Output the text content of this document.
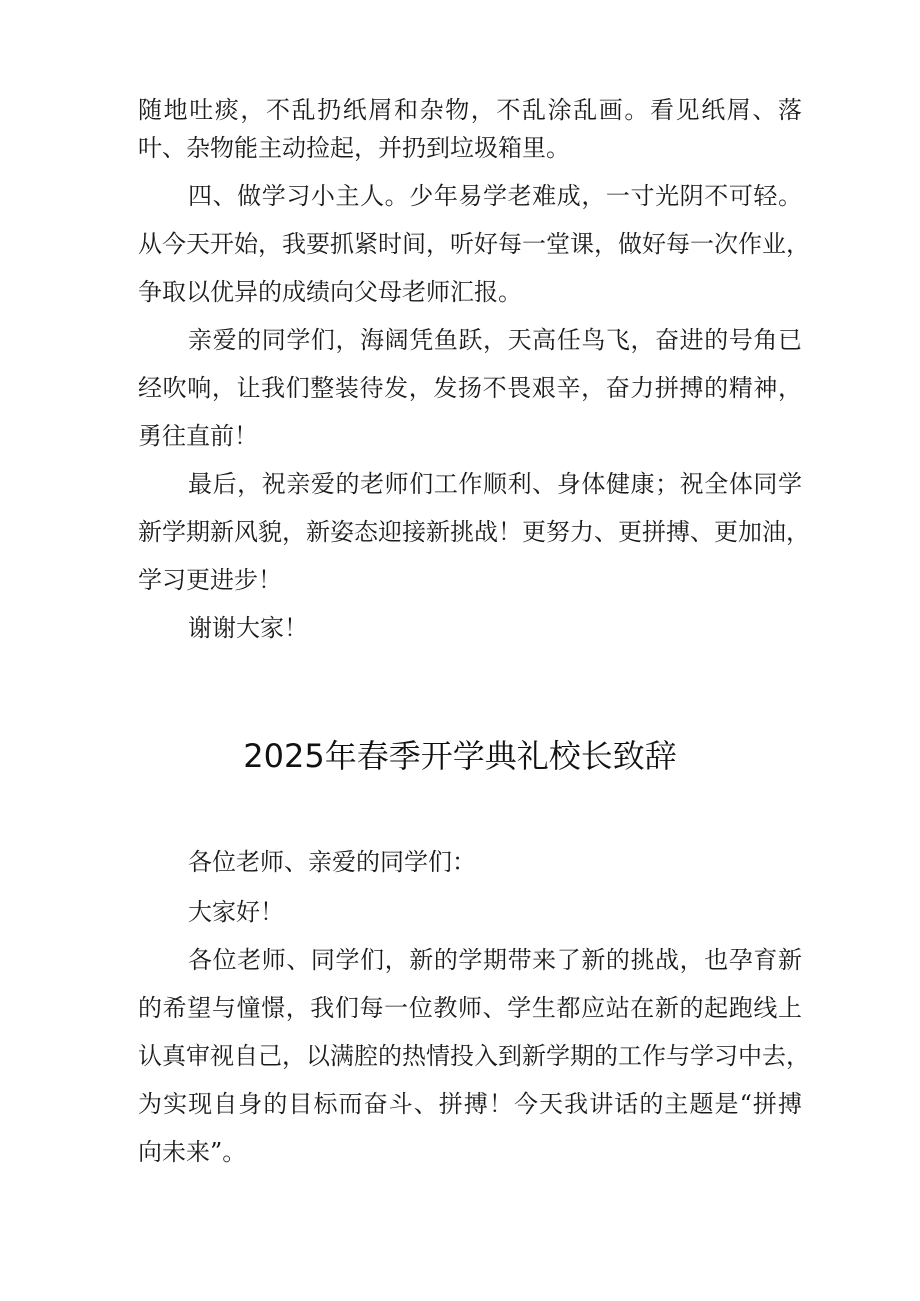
随地吐痰，不乱扔纸屑和杂物，不乱涂乱画。看见纸屑、落
叶、杂物能主动捡起，并扔到垃圾箱里。
四、做学习小主人。少年易学老难成，一寸光阴不可轻。
从今天开始，我要抓紧时间，听好每一堂课，做好每一次作业，
争取以优异的成绩向父母老师汇报。
亲爱的同学们，海阔凭鱼跃，天高任鸟飞，奋进的号角已
经吹响，让我们整装待发，发扬不畏艰辛，奋力拼搏的精神，
勇往直前！
最后，祝亲爱的老师们工作顺利、身体健康；祝全体同学
新学期新风貌，新姿态迎接新挑战！更努力、更拼搏、更加油，
学习更进步！
谢谢大家！
2025年春季开学典礼校长致辞
各位老师、亲爱的同学们：
大家好！
各位老师、同学们，新的学期带来了新的挑战，也孕育新
的希望与憧憬，我们每一位教师、学生都应站在新的起跑线上
认真审视自己，以满腔的热情投入到新学期的工作与学习中去，
为实现自身的目标而奋斗、拼搏！今天我讲话的主题是“拼搏
向未来”。
